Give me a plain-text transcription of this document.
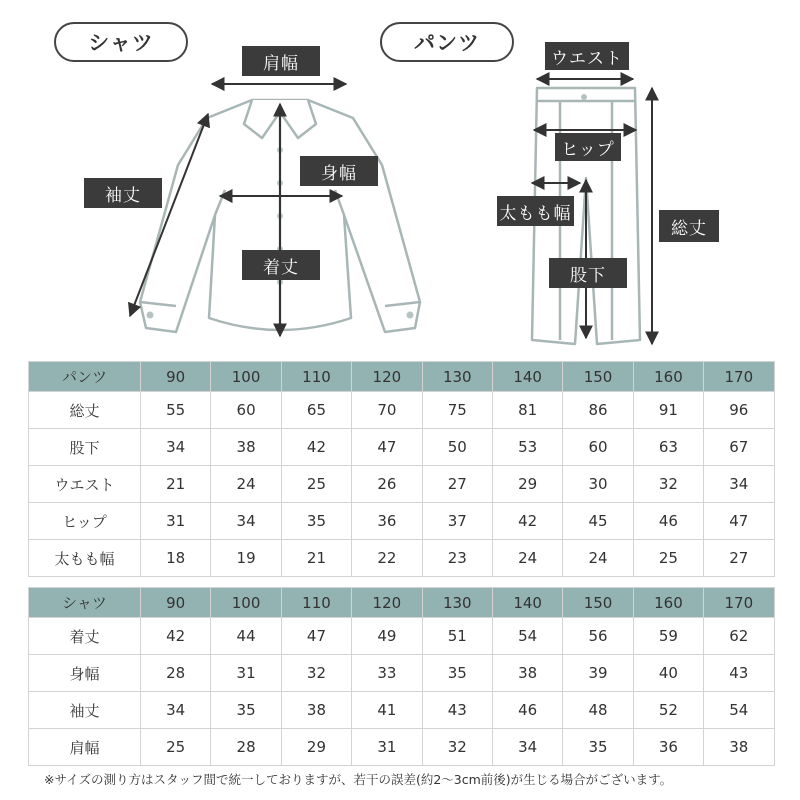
シャツ	パンツ
肩幅
身幅
袖丈
着丈
ウエスト
ヒップ
太もも幅
股下
総丈
パンツ	90	100	110	120	130	140	150	160	170
総丈	55	60	65	70	75	81	86	91	96
股下	34	38	42	47	50	53	60	63	67
ウエスト	21	24	25	26	27	29	30	32	34
ヒップ	31	34	35	36	37	42	45	46	47
太もも幅	18	19	21	22	23	24	24	25	27
シャツ	90	100	110	120	130	140	150	160	170
着丈	42	44	47	49	51	54	56	59	62
身幅	28	31	32	33	35	38	39	40	43
袖丈	34	35	38	41	43	46	48	52	54
肩幅	25	28	29	31	32	34	35	36	38
※サイズの測り方はスタッフ間で統一しておりますが、若干の誤差(約2〜3cm前後)が生じる場合がございます。
